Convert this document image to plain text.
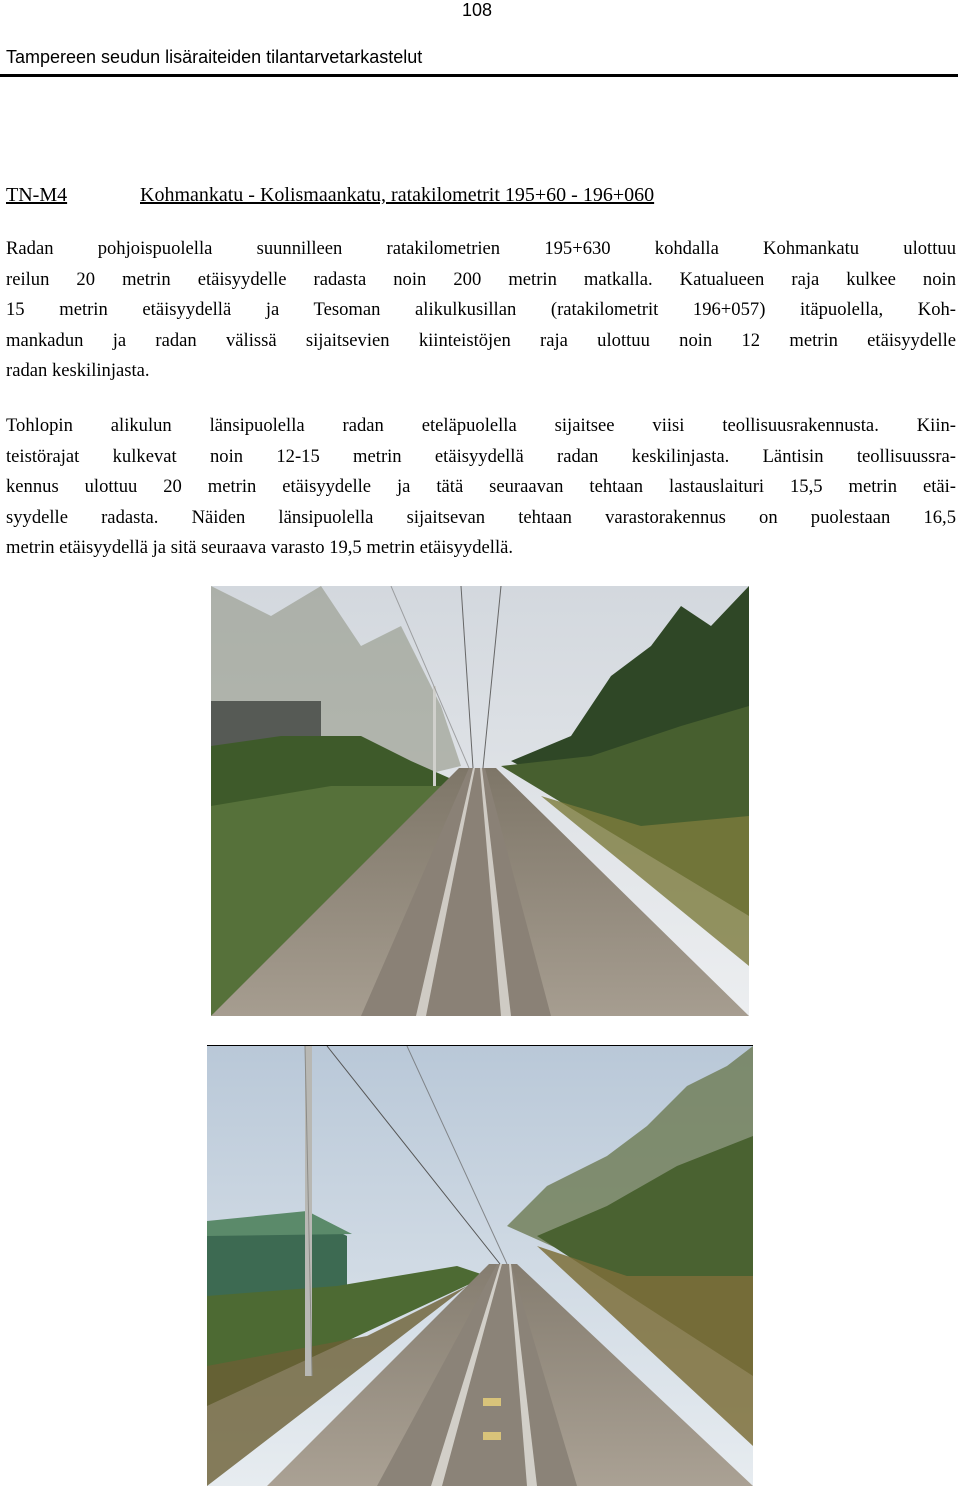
108
Tampereen seudun lisäraiteiden tilantarvetarkastelut
TN-M4	Kohmankatu - Kolismaankatu, ratakilometrit 195+60 - 196+060

Radan pohjoispuolella suunnilleen ratakilometrien 195+630 kohdalla Kohmankatu ulottuu
reilun 20 metrin etäisyydelle radasta noin 200 metrin matkalla. Katualueen raja kulkee noin
15 metrin etäisyydellä ja Tesoman alikulkusillan (ratakilometrit 196+057) itäpuolella, Koh-
mankadun ja radan välissä sijaitsevien kiinteistöjen raja ulottuu noin 12 metrin etäisyydelle
radan keskilinjasta.

Tohlopin alikulun länsipuolella radan eteläpuolella sijaitsee viisi teollisuusrakennusta. Kiin-
teistörajat kulkevat noin 12-15 metrin etäisyydellä radan keskilinjasta. Läntisin teollisuussra-
kennus ulottuu 20 metrin etäisyydelle ja tätä seuraavan tehtaan lastauslaituri 15,5 metrin etäi-
syydelle radasta. Näiden länsipuolella sijaitsevan tehtaan varastorakennus on puolestaan 16,5
metrin etäisyydellä ja sitä seuraava varasto 19,5 metrin etäisyydellä.
